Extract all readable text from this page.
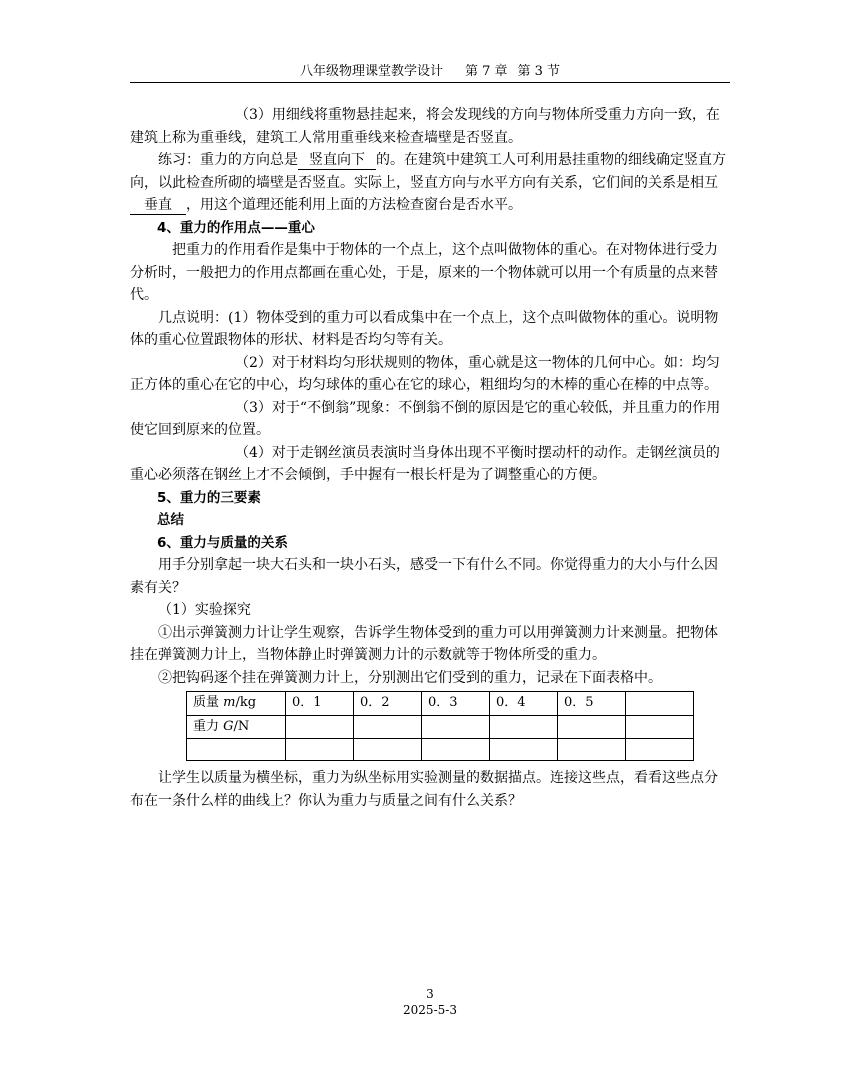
八年级物理课堂教学设计 第 7 章 第 3 节

（3）用细线将重物悬挂起来，将会发现线的方向与物体所受重力方向一致，在建筑上称为重垂线，建筑工人常用重垂线来检查墙壁是否竖直。

练习：重力的方向总是 竖直向下 的。在建筑中建筑工人可利用悬挂重物的细线确定竖直方向，以此检查所砌的墙壁是否竖直。实际上，竖直方向与水平方向有关系，它们间的关系是相互垂直 ，用这个道理还能利用上面的方法检查窗台是否水平。

4、重力的作用点——重心

把重力的作用看作是集中于物体的一个点上，这个点叫做物体的重心。在对物体进行受力分析时，一般把力的作用点都画在重心处，于是，原来的一个物体就可以用一个有质量的点来替代。

几点说明：(1）物体受到的重力可以看成集中在一个点上，这个点叫做物体的重心。说明物体的重心位置跟物体的形状、材料是否均匀等有关。

（2）对于材料均匀形状规则的物体，重心就是这一物体的几何中心。如：均匀正方体的重心在它的中心，均匀球体的重心在它的球心，粗细均匀的木棒的重心在棒的中点等。

（3）对于“不倒翁”现象：不倒翁不倒的原因是它的重心较低，并且重力的作用使它回到原来的位置。

（4）对于走钢丝演员表演时当身体出现不平衡时摆动杆的动作。走钢丝演员的重心必须落在钢丝上才不会倾倒，手中握有一根长杆是为了调整重心的方便。

5、重力的三要素

总结

6、重力与质量的关系

用手分别拿起一块大石头和一块小石头，感受一下有什么不同。你觉得重力的大小与什么因素有关？

（1）实验探究

①出示弹簧测力计让学生观察，告诉学生物体受到的重力可以用弹簧测力计来测量。把物体挂在弹簧测力计上，当物体静止时弹簧测力计的示数就等于物体所受的重力。

②把钩码逐个挂在弹簧测力计上，分别测出它们受到的重力，记录在下面表格中。

质量 m/kg	0．1	0．2	0．3	0．4	0．5	
重力 G/N						

让学生以质量为横坐标，重力为纵坐标用实验测量的数据描点。连接这些点，看看这些点分布在一条什么样的曲线上？你认为重力与质量之间有什么关系？

3
2025-5-3
